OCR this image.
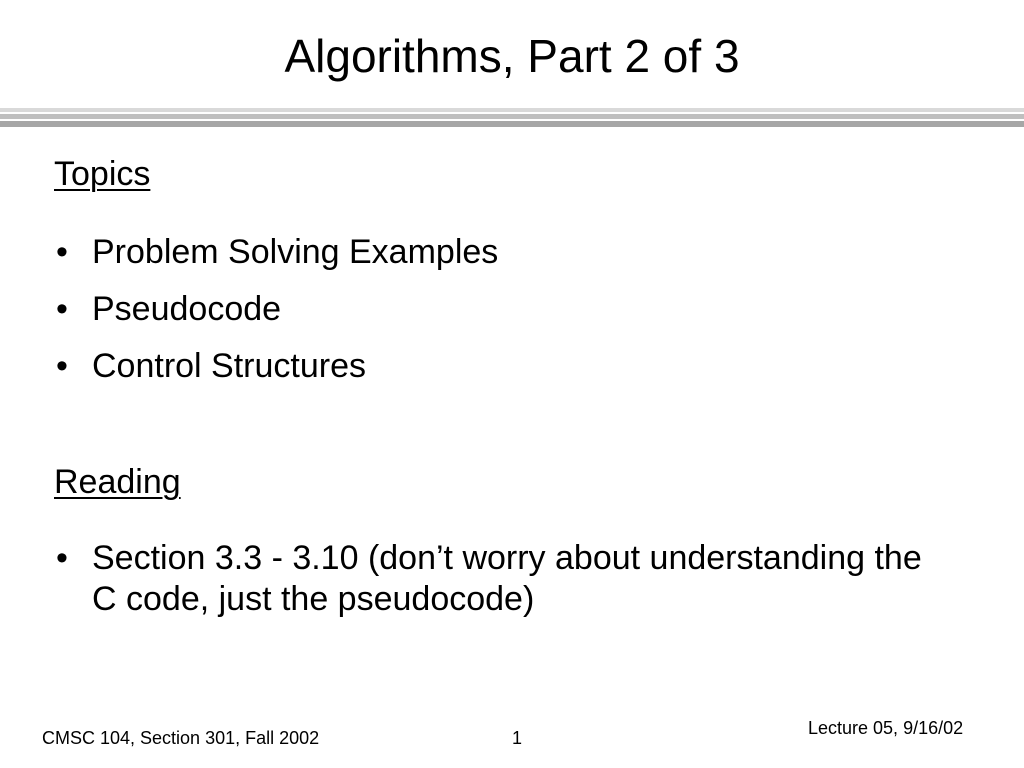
Algorithms, Part 2 of 3
Topics
• Problem Solving Examples
• Pseudocode
• Control Structures
Reading
• Section 3.3 - 3.10 (don’t worry about understanding the C code, just the pseudocode)
CMSC 104, Section 301, Fall 2002	1	Lecture 05, 9/16/02
